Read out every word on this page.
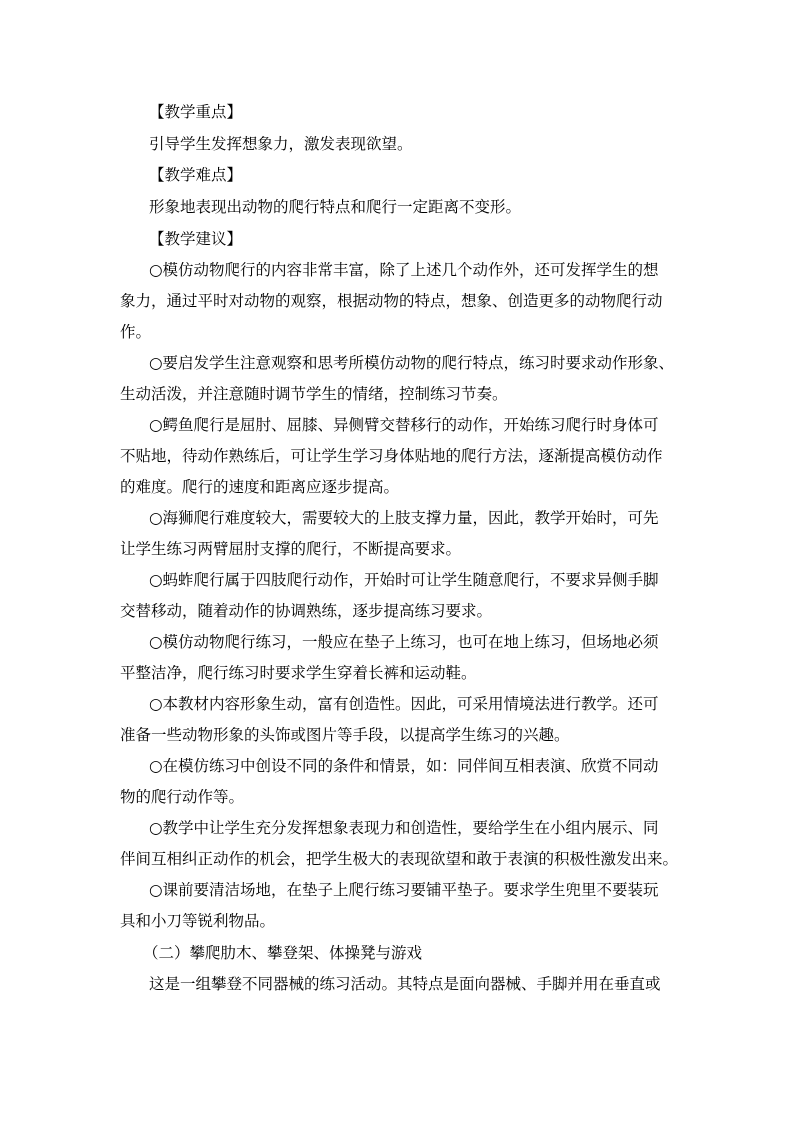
【教学重点】
引导学生发挥想象力，激发表现欲望。
【教学难点】
形象地表现出动物的爬行特点和爬行一定距离不变形。
【教学建议】
○模仿动物爬行的内容非常丰富，除了上述几个动作外，还可发挥学生的想
象力，通过平时对动物的观察，根据动物的特点，想象、创造更多的动物爬行动
作。
○要启发学生注意观察和思考所模仿动物的爬行特点，练习时要求动作形象、
生动活泼，并注意随时调节学生的情绪，控制练习节奏。
○鳄鱼爬行是屈肘、屈膝、异侧臂交替移行的动作，开始练习爬行时身体可
不贴地，待动作熟练后，可让学生学习身体贴地的爬行方法，逐渐提高模仿动作
的难度。爬行的速度和距离应逐步提高。
○海狮爬行难度较大，需要较大的上肢支撑力量，因此，教学开始时，可先
让学生练习两臂屈肘支撑的爬行，不断提高要求。
○蚂蚱爬行属于四肢爬行动作，开始时可让学生随意爬行，不要求异侧手脚
交替移动，随着动作的协调熟练，逐步提高练习要求。
○模仿动物爬行练习，一般应在垫子上练习，也可在地上练习，但场地必须
平整洁净，爬行练习时要求学生穿着长裤和运动鞋。
○本教材内容形象生动，富有创造性。因此，可采用情境法进行教学。还可
准备一些动物形象的头饰或图片等手段，以提高学生练习的兴趣。
○在模仿练习中创设不同的条件和情景，如：同伴间互相表演、欣赏不同动
物的爬行动作等。
○教学中让学生充分发挥想象表现力和创造性，要给学生在小组内展示、同
伴间互相纠正动作的机会，把学生极大的表现欲望和敢于表演的积极性激发出来。
○课前要清洁场地，在垫子上爬行练习要铺平垫子。要求学生兜里不要装玩
具和小刀等锐利物品。
（二）攀爬肋木、攀登架、体操凳与游戏
这是一组攀登不同器械的练习活动。其特点是面向器械、手脚并用在垂直或
